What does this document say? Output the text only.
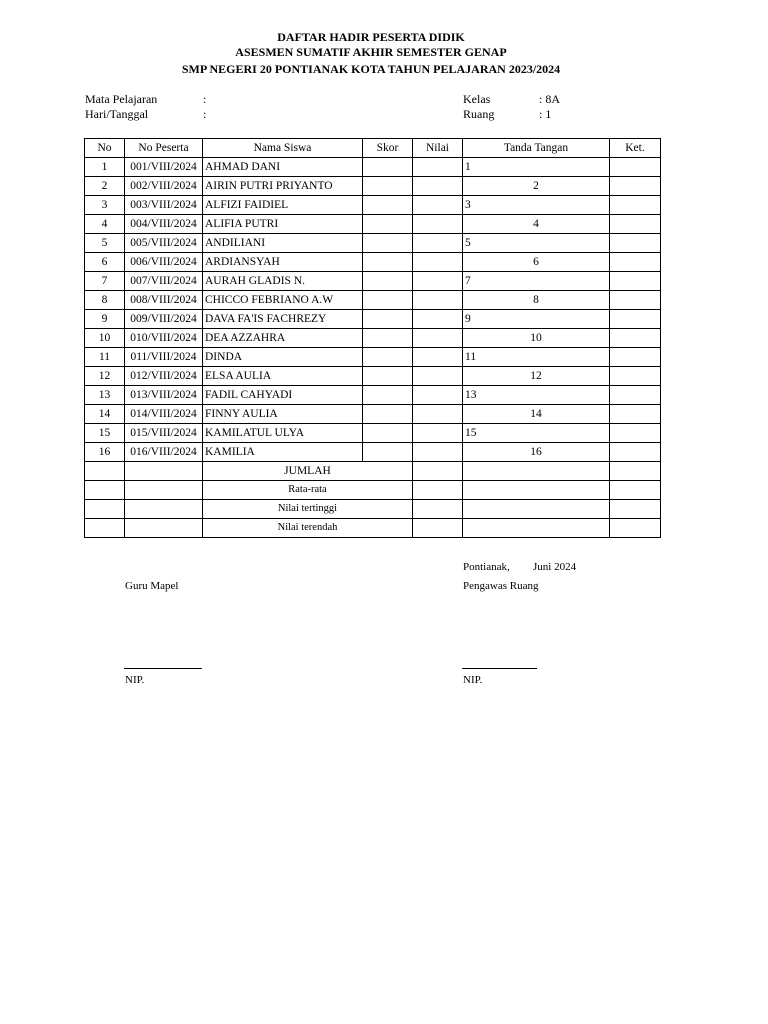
DAFTAR HADIR PESERTA DIDIK
ASESMEN SUMATIF AKHIR SEMESTER GENAP
SMP NEGERI 20 PONTIANAK KOTA TAHUN PELAJARAN 2023/2024
Mata Pelajaran	:
Hari/Tanggal	:
Kelas	: 8A
Ruang	: 1
No	No Peserta	Nama Siswa	Skor	Nilai	Tanda Tangan	Ket.
1	001/VIII/2024	AHMAD DANI			1	
2	002/VIII/2024	AIRIN PUTRI PRIYANTO			2	
3	003/VIII/2024	ALFIZI FAIDIEL			3	
4	004/VIII/2024	ALIFIA PUTRI			4	
5	005/VIII/2024	ANDILIANI			5	
6	006/VIII/2024	ARDIANSYAH			6	
7	007/VIII/2024	AURAH GLADIS N.			7	
8	008/VIII/2024	CHICCO FEBRIANO A.W			8	
9	009/VIII/2024	DAVA FA'IS FACHREZY			9	
10	010/VIII/2024	DEA AZZAHRA			10	
11	011/VIII/2024	DINDA			11	
12	012/VIII/2024	ELSA AULIA			12	
13	013/VIII/2024	FADIL CAHYADI			13	
14	014/VIII/2024	FINNY AULIA			14	
15	015/VIII/2024	KAMILATUL ULYA			15	
16	016/VIII/2024	KAMILIA			16	
		JUMLAH				
		Rata-rata				
		Nilai tertinggi				
		Nilai terendah				
Pontianak, Juni 2024
Guru Mapel	Pengawas Ruang
NIP.	NIP.
